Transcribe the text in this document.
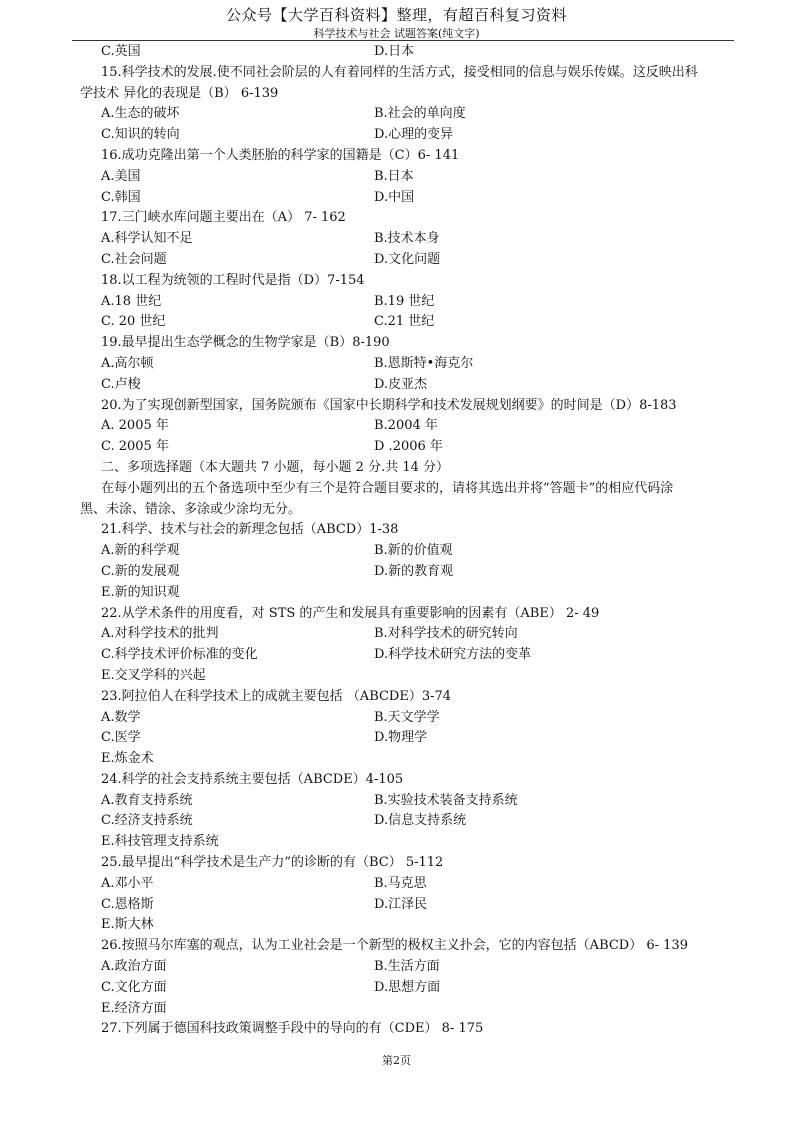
公众号【大学百科资料】整理，有超百科复习资料
科学技术与社会 试题答案(纯文字)
C.英国	D.日本
15.科学技术的发展.使不同社会阶层的人有着同样的生活方式，接受相同的信息与娱乐传媒。这反映出科
学技术 异化的表现是（B） 6-139
A.生态的破坏	B.社会的单向度
C.知识的转向	D.心理的变异
16.成功克隆出第一个人类胚胎的科学家的国籍是（C）6- 141
A.美国	B.日本
C.韩国	D.中国
17.三门峡水库问题主要出在（A） 7- 162
A.科学认知不足	B.技术本身
C.社会问题	D.文化问题
18.以工程为统领的工程时代是指（D）7-154
A.18 世纪	B.19 世纪
C. 20 世纪	C.21 世纪
19.最早提出生态学概念的生物学家是（B）8-190
A.高尔顿	B.恩斯特•海克尔
C.卢梭	D.皮亚杰
20.为了实现创新型国家，国务院颁布《国家中长期科学和技术发展规划纲要》的时间是（D）8-183
A. 2005 年	B.2004 年
C. 2005 年	D .2006 年
二、多项选择题（本大题共 7 小题，每小题 2 分.共 14 分）
在每小题列出的五个备选项中至少有三个是符合题目要求的，请将其选出并将“答题卡”的相应代码涂
黑、未涂、错涂、多涂或少涂均无分。
21.科学、技术与社会的新理念包括（ABCD）1-38
A.新的科学观	B.新的价值观
C.新的发展观	D.新的教育观
E.新的知识观
22.从学术条件的用度看，对 STS 的产生和发展具有重要影响的因素有（ABE） 2- 49
A.对科学技术的批判	B.对科学技术的研究转向
C.科学技术评价标准的变化	D.科学技术研究方法的变革
E.交叉学科的兴起
23.阿拉伯人在科学技术上的成就主要包括 （ABCDE）3-74
A.数学	B.天文学学
C.医学	D.物理学
E.炼金术
24.科学的社会支持系统主要包括（ABCDE）4-105
A.教育支持系统	B.实验技术装备支持系统
C.经济支持系统	D.信息支持系统
E.科技管理支持系统
25.最早提出“科学技术是生产力”的诊断的有（BC） 5-112
A.邓小平	B.马克思
C.恩格斯	D.江泽民
E.斯大林
26.按照马尔库塞的观点，认为工业社会是一个新型的极权主义扑会，它的内容包括（ABCD） 6- 139
A.政治方面	B.生活方面
C.文化方面	D.思想方面
E.经济方面
27.下列属于德国科技政策调整手段中的导向的有（CDE） 8- 175
第2页
